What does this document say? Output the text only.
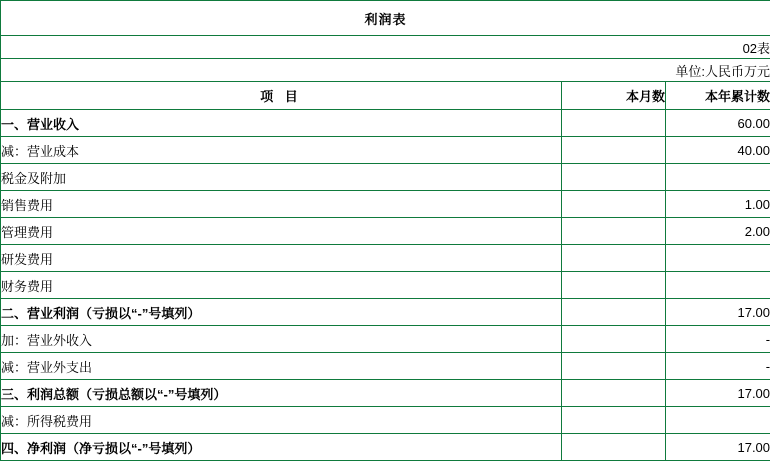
利润表		
02表		
单位:人民币万元		
项 目	本月数	本年累计数
一、营业收入		60.00
减：营业成本		40.00
税金及附加		
销售费用		1.00
管理费用		2.00
研发费用		
财务费用		
二、营业利润（亏损以“-”号填列）		17.00
加：营业外收入		-
减：营业外支出		-
三、利润总额（亏损总额以“-”号填列）		17.00
减：所得税费用		
四、净利润（净亏损以“-”号填列）		17.00
